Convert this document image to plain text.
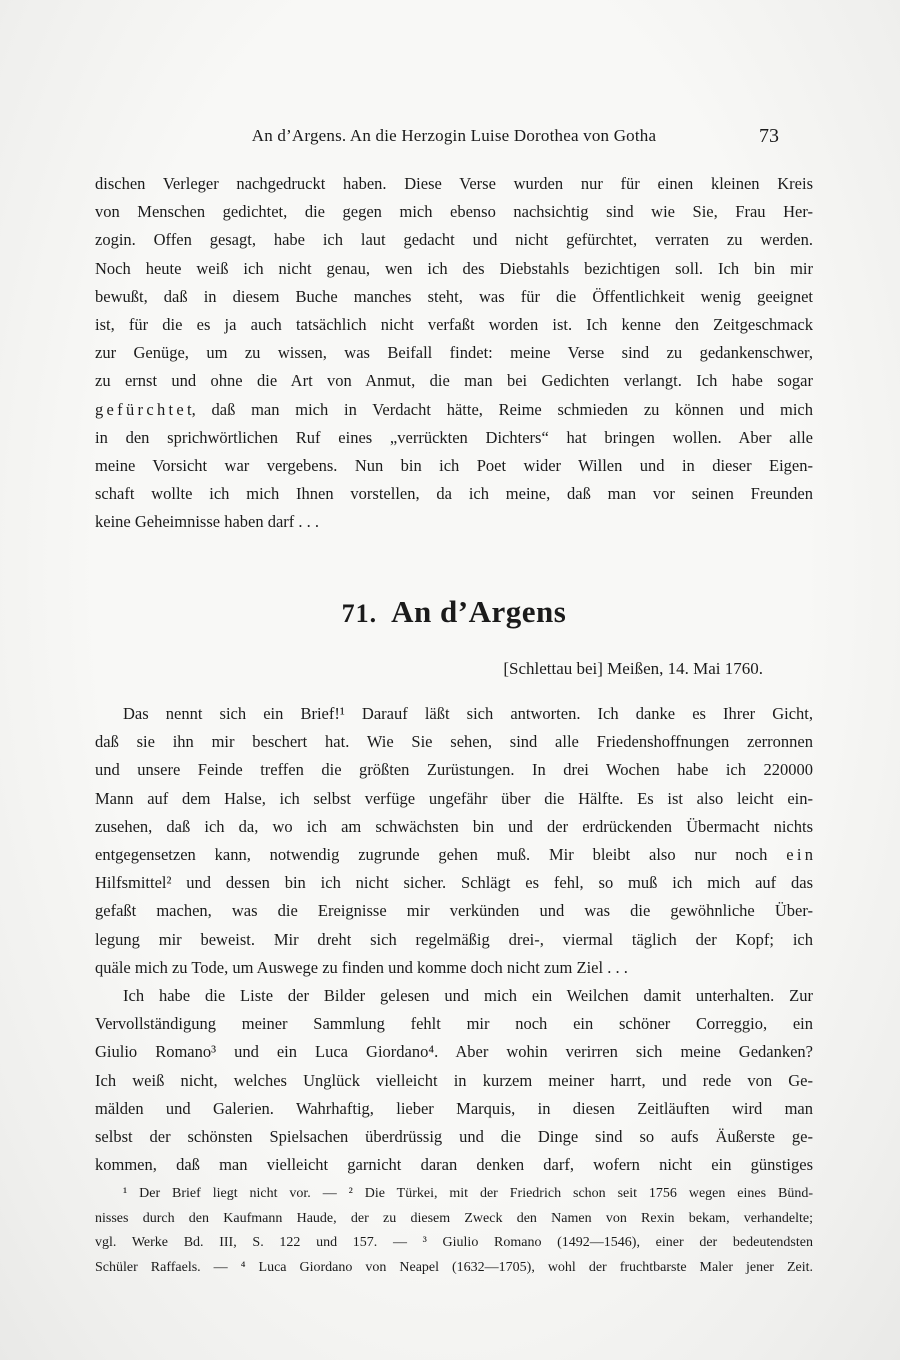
An d’Argens. An die Herzogin Luise Dorothea von Gotha	73
dischen Verleger nachgedruckt haben. Diese Verse wurden nur für einen kleinen Kreis
von Menschen gedichtet, die gegen mich ebenso nachsichtig sind wie Sie, Frau Her-
zogin. Offen gesagt, habe ich laut gedacht und nicht gefürchtet, verraten zu werden.
Noch heute weiß ich nicht genau, wen ich des Diebstahls bezichtigen soll. Ich bin mir
bewußt, daß in diesem Buche manches steht, was für die Öffentlichkeit wenig geeignet
ist, für die es ja auch tatsächlich nicht verfaßt worden ist. Ich kenne den Zeitgeschmack
zur Genüge, um zu wissen, was Beifall findet: meine Verse sind zu gedankenschwer,
zu ernst und ohne die Art von Anmut, die man bei Gedichten verlangt. Ich habe sogar
g e f ü r c h t e t, daß man mich in Verdacht hätte, Reime schmieden zu können und mich
in den sprichwörtlichen Ruf eines „verrückten Dichters“ hat bringen wollen. Aber alle
meine Vorsicht war vergebens. Nun bin ich Poet wider Willen und in dieser Eigen-
schaft wollte ich mich Ihnen vorstellen, da ich meine, daß man vor seinen Freunden
keine Geheimnisse haben darf . . .
71. An d’Argens
[Schlettau bei] Meißen, 14. Mai 1760.
Das nennt sich ein Brief!¹ Darauf läßt sich antworten. Ich danke es Ihrer Gicht,
daß sie ihn mir beschert hat. Wie Sie sehen, sind alle Friedenshoffnungen zerronnen
und unsere Feinde treffen die größten Zurüstungen. In drei Wochen habe ich 220000
Mann auf dem Halse, ich selbst verfüge ungefähr über die Hälfte. Es ist also leicht ein-
zusehen, daß ich da, wo ich am schwächsten bin und der erdrückenden Übermacht nichts
entgegensetzen kann, notwendig zugrunde gehen muß. Mir bleibt also nur noch e i n
Hilfsmittel² und dessen bin ich nicht sicher. Schlägt es fehl, so muß ich mich auf das
gefaßt machen, was die Ereignisse mir verkünden und was die gewöhnliche Über-
legung mir beweist. Mir dreht sich regelmäßig drei-, viermal täglich der Kopf; ich
quäle mich zu Tode, um Auswege zu finden und komme doch nicht zum Ziel . . .
Ich habe die Liste der Bilder gelesen und mich ein Weilchen damit unterhalten. Zur
Vervollständigung meiner Sammlung fehlt mir noch ein schöner Correggio, ein
Giulio Romano³ und ein Luca Giordano⁴. Aber wohin verirren sich meine Gedanken?
Ich weiß nicht, welches Unglück vielleicht in kurzem meiner harrt, und rede von Ge-
mälden und Galerien. Wahrhaftig, lieber Marquis, in diesen Zeitläuften wird man
selbst der schönsten Spielsachen überdrüssig und die Dinge sind so aufs Äußerste ge-
kommen, daß man vielleicht garnicht daran denken darf, wofern nicht ein günstiges
¹ Der Brief liegt nicht vor. — ² Die Türkei, mit der Friedrich schon seit 1756 wegen eines Bünd-
nisses durch den Kaufmann Haude, der zu diesem Zweck den Namen von Rexin bekam, verhandelte;
vgl. Werke Bd. III, S. 122 und 157. — ³ Giulio Romano (1492—1546), einer der bedeutendsten
Schüler Raffaels. — ⁴ Luca Giordano von Neapel (1632—1705), wohl der fruchtbarste Maler jener Zeit.
